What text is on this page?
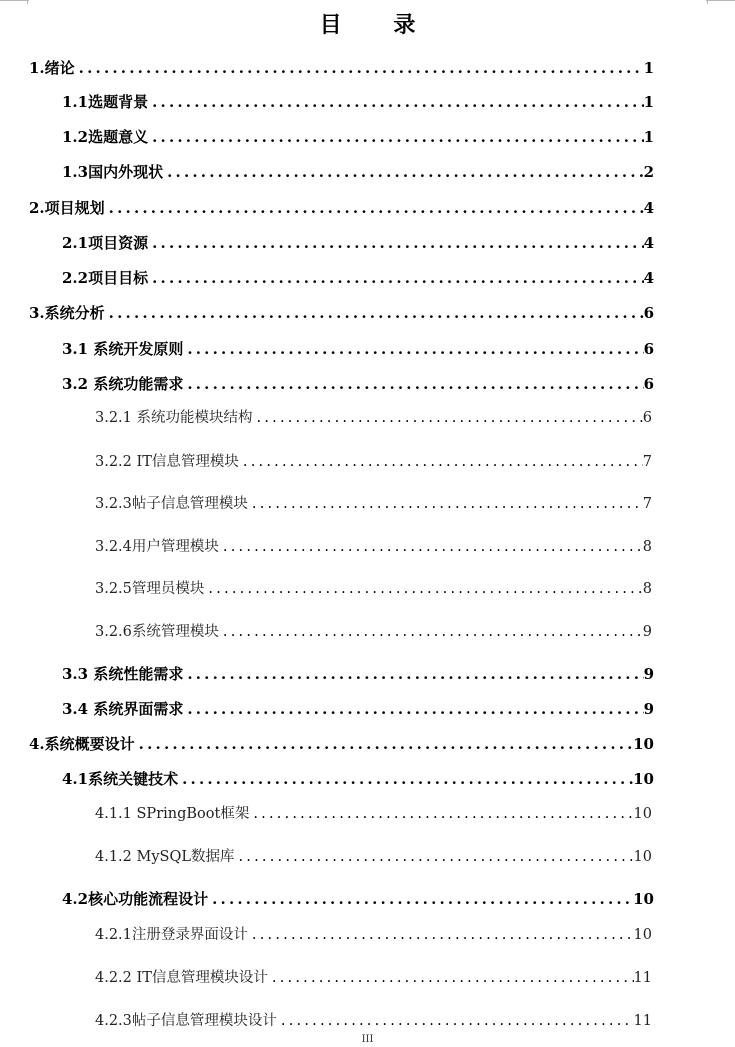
目 录
1.绪论 .....	1
1.1选题背景 .....	1
1.2选题意义 .....	1
1.3国内外现状 .....	2
2.项目规划 .....	4
2.1项目资源 .....	4
2.2项目目标 .....	4
3.系统分析 .....	6
3.1 系统开发原则 .....	6
3.2 系统功能需求 .....	6
3.2.1 系统功能模块结构 .....	6
3.2.2 IT信息管理模块 .....	7
3.2.3帖子信息管理模块 .....	7
3.2.4用户管理模块 .....	8
3.2.5管理员模块 .....	8
3.2.6系统管理模块 .....	9
3.3 系统性能需求 .....	9
3.4 系统界面需求 .....	9
4.系统概要设计 .....	10
4.1系统关键技术 .....	10
4.1.1 SPringBoot框架 .....	10
4.1.2 MySQL数据库 .....	10
4.2核心功能流程设计 .....	10
4.2.1注册登录界面设计 .....	10
4.2.2 IT信息管理模块设计 .....	11
4.2.3帖子信息管理模块设计 .....	11
III
